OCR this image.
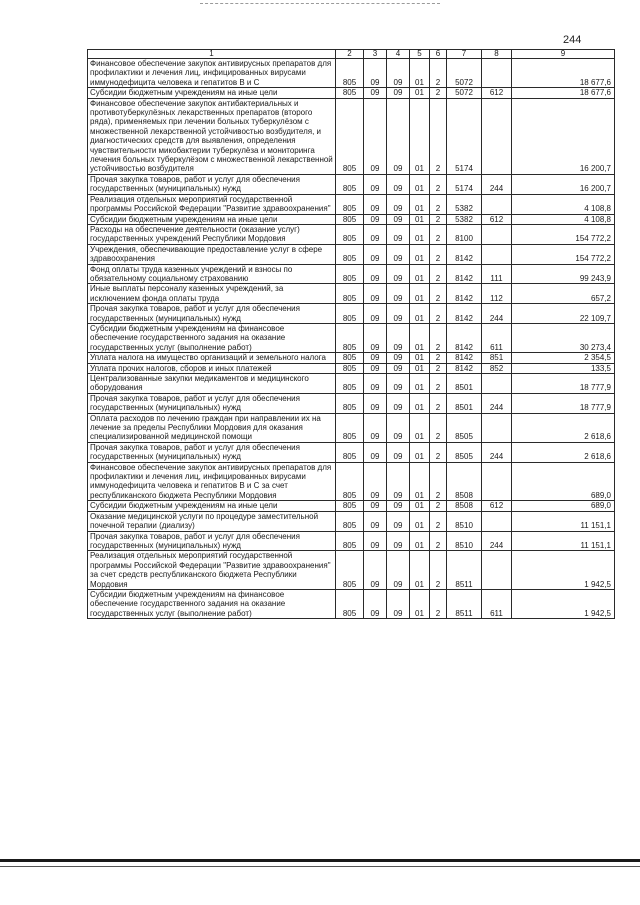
244
1	2	3	4	5	6	7	8	9
Финансовое обеспечение закупок антивирусных препаратов для профилактики и лечения лиц, инфицированных вирусами иммунодефицита человека и гепатитов В и С	805	09	09	01	2	5072		18 677,6
Субсидии бюджетным учреждениям на иные цели	805	09	09	01	2	5072	612	18 677,6
Финансовое обеспечение закупок антибактериальных и противотуберкулёзных лекарственных препаратов (второго ряда), применяемых при лечении больных туберкулёзом с множественной лекарственной устойчивостью возбудителя, и диагностических средств для выявления, определения чувствительности микобактерии туберкулёза и мониторинга лечения больных туберкулёзом с множественной лекарственной устойчивостью возбудителя	805	09	09	01	2	5174		16 200,7
Прочая закупка товаров, работ и услуг для обеспечения государственных (муниципальных) нужд	805	09	09	01	2	5174	244	16 200,7
Реализация отдельных мероприятий государственной программы Российской Федерации "Развитие здравоохранения"	805	09	09	01	2	5382		4 108,8
Субсидии бюджетным учреждениям на иные цели	805	09	09	01	2	5382	612	4 108,8
Расходы на обеспечение деятельности (оказание услуг) государственных учреждений Республики Мордовия	805	09	09	01	2	8100		154 772,2
Учреждения, обеспечивающие предоставление услуг в сфере здравоохранения	805	09	09	01	2	8142		154 772,2
Фонд оплаты труда казенных учреждений и взносы по обязательному социальному страхованию	805	09	09	01	2	8142	111	99 243,9
Иные выплаты персоналу казенных учреждений, за исключением фонда оплаты труда	805	09	09	01	2	8142	112	657,2
Прочая закупка товаров, работ и услуг для обеспечения государственных (муниципальных) нужд	805	09	09	01	2	8142	244	22 109,7
Субсидии бюджетным учреждениям на финансовое обеспечение государственного задания на оказание государственных услуг (выполнение работ)	805	09	09	01	2	8142	611	30 273,4
Уплата налога на имущество организаций и земельного налога	805	09	09	01	2	8142	851	2 354,5
Уплата прочих налогов, сборов и иных платежей	805	09	09	01	2	8142	852	133,5
Централизованные закупки медикаментов и медицинского оборудования	805	09	09	01	2	8501		18 777,9
Прочая закупка товаров, работ и услуг для обеспечения государственных (муниципальных) нужд	805	09	09	01	2	8501	244	18 777,9
Оплата расходов по лечению граждан при направлении их на лечение за пределы Республики Мордовия для оказания специализированной медицинской помощи	805	09	09	01	2	8505		2 618,6
Прочая закупка товаров, работ и услуг для обеспечения государственных (муниципальных) нужд	805	09	09	01	2	8505	244	2 618,6
Финансовое обеспечение закупок антивирусных препаратов для профилактики и лечения лиц, инфицированных вирусами иммунодефицита человека и гепатитов В и С за счет республиканского бюджета Республики Мордовия	805	09	09	01	2	8508		689,0
Субсидии бюджетным учреждениям на иные цели	805	09	09	01	2	8508	612	689,0
Оказание медицинской услуги по процедуре заместительной почечной терапии (диализу)	805	09	09	01	2	8510		11 151,1
Прочая закупка товаров, работ и услуг для обеспечения государственных (муниципальных) нужд	805	09	09	01	2	8510	244	11 151,1
Реализация отдельных мероприятий государственной программы Российской Федерации "Развитие здравоохранения" за счет средств республиканского бюджета Республики Мордовия	805	09	09	01	2	8511		1 942,5
Субсидии бюджетным учреждениям на финансовое обеспечение государственного задания на оказание государственных услуг (выполнение работ)	805	09	09	01	2	8511	611	1 942,5
